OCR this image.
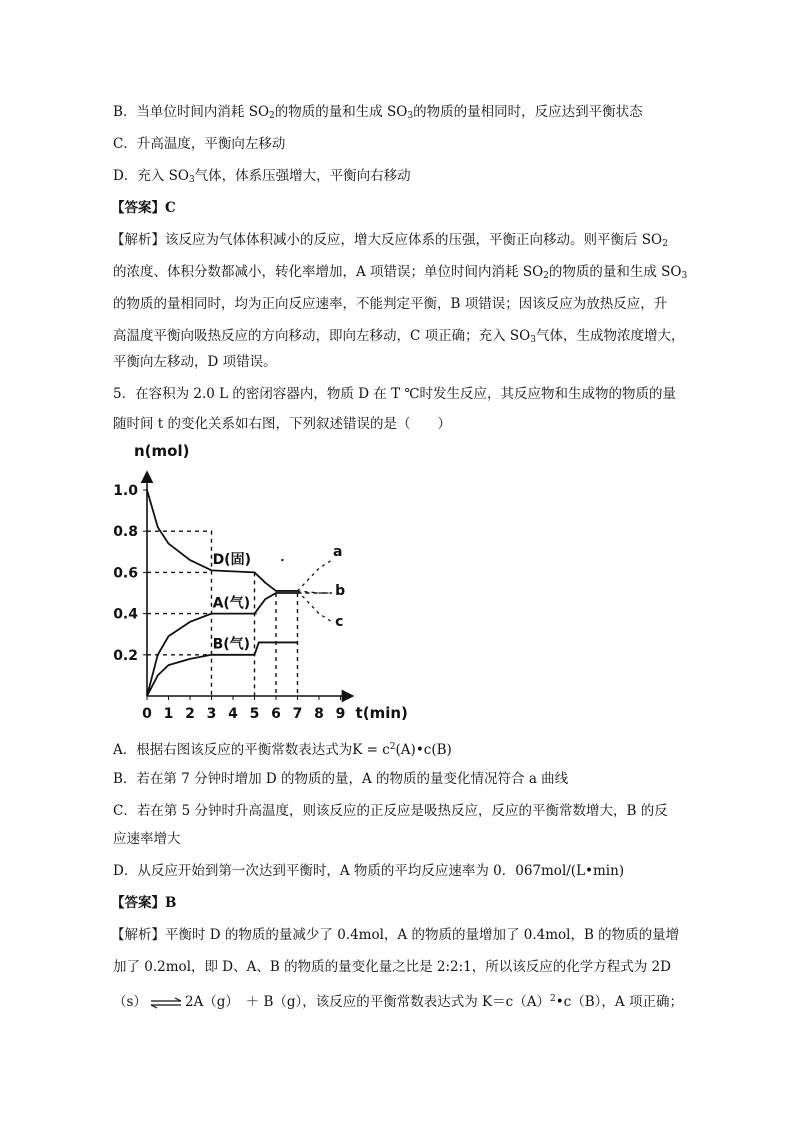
B．当单位时间内消耗 $SO_2$的物质的量和生成 $SO_3$的物质的量相同时，反应达到平衡状态
C．升高温度，平衡向左移动
D．充入 $SO_3$气体，体系压强增大，平衡向右移动
【答案】C
【解析】该反应为气体体积减小的反应，增大反应体系的压强，平衡正向移动。则平衡后 $SO_2$
的浓度、体积分数都减小，转化率增加，A 项错误；单位时间内消耗 $SO_2$的物质的量和生成 $SO_3$
的物质的量相同时，均为正向反应速率，不能判定平衡，B 项错误；因该反应为放热反应，升
高温度平衡向吸热反应的方向移动，即向左移动，C 项正确；充入 $SO_3$气体，生成物浓度增大，
平衡向左移动，D 项错误。
5．在容积为 2.0 L 的密闭容器内，物质 D 在 T ℃时发生反应，其反应物和生成物的物质的量
随时间 t 的变化关系如右图，下列叙述错误的是（　　）
0 1 2 3 4 5 6 7 8 9
0.2
0.4
0.6
0.8
1.0
n(mol)
t(min)
D(固)
A(气)
B(气)
a
b
c
A．根据右图该反应的平衡常数表达式为$K = c^2(A)•c(B)$
B．若在第 7 分钟时增加 D 的物质的量，A 的物质的量变化情况符合 a 曲线
C．若在第 5 分钟时升高温度，则该反应的正反应是吸热反应，反应的平衡常数增大，B 的反
应速率增大
D．从反应开始到第一次达到平衡时，A 物质的平均反应速率为 0．067mol/(L•min)
【答案】B
【解析】平衡时 D 的物质的量减少了 0.4mol，A 的物质的量增加了 0.4mol，B 的物质的量增
加了 0.2mol，即 D、A、B 的物质的量变化量之比是 2:2:1，所以该反应的化学方程式为 2D
（s） ⇌ 2A（g）　＋ B（g），该反应的平衡常数表达式为 $K=c(A)^2•c(B)$，A 项正确；
